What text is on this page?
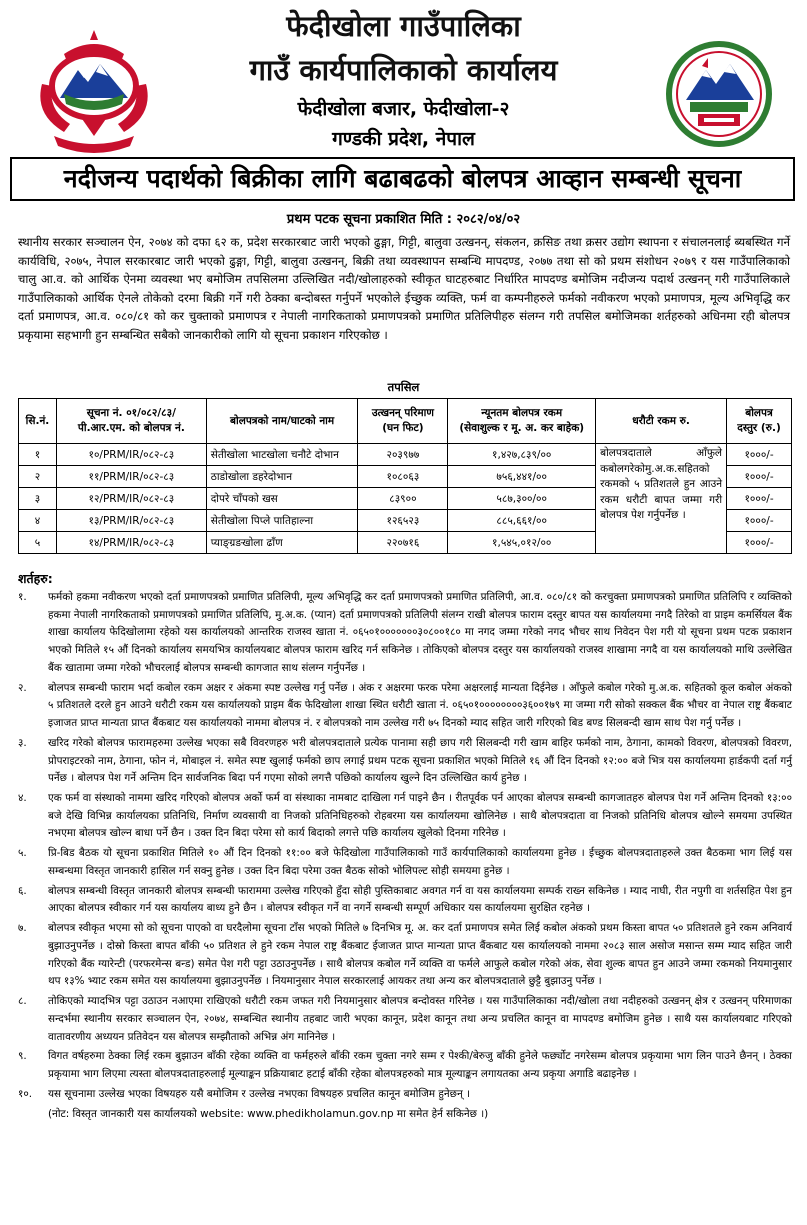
फेदीखोला गाउँपालिका
गाउँ कार्यपालिकाको कार्यालय
फेदीखोला बजार, फेदीखोला-२
गण्डकी प्रदेश, नेपाल
नदीजन्य पदार्थको बिक्रीका लागि बढाबढको बोलपत्र आव्हान सम्बन्धी सूचना
प्रथम पटक सूचना प्रकाशित मिति : २०८२/०४/०२
स्थानीय सरकार सञ्चालन ऐन, २०७४ को दफा ६२ क, प्रदेश सरकारबाट जारी भएको ढुङ्गा, गिट्टी, बालुवा उत्खनन्, संकलन, क्रसिङ तथा क्रसर उद्योग स्थापना र संचालनलाई ब्यबस्थित गर्ने कार्यविधि, २०७५, नेपाल सरकारबाट जारी भएको ढुङ्गा, गिट्टी, बालुवा उत्खनन्, बिक्री तथा व्यवस्थापन सम्बन्धि मापदण्ड, २०७७ तथा सो को प्रथम संशोधन २०७९ र यस गाउँपालिकाको चालु आ.व. को आर्थिक ऐनमा व्यवस्था भए बमोजिम तपसिलमा उल्लिखित नदी/खोलाहरुको स्वीकृत घाटहरुबाट निर्धारित मापदण्ड बमोजिम नदीजन्य पदार्थ उत्खनन् गरी गाउँपालिकाले गाउँपालिकाको आर्थिक ऐनले तोकेको दरमा बिक्री गर्ने गरी ठेक्का बन्दोबस्त गर्नुपर्ने भएकोले ईच्छुक व्यक्ति, फर्म वा कम्पनीहरुले फर्मको नवीकरण भएको प्रमाणपत्र, मूल्य अभिवृद्धि कर दर्ता प्रमाणपत्र, आ.व. ०८०/८१ को कर चुक्ताको प्रमाणपत्र र नेपाली नागरिकताको प्रमाणपत्रको प्रमाणित प्रतिलिपीहरु संलग्न गरी तपसिल बमोजिमका शर्तहरुको अधिनमा रही बोलपत्र प्रकृयामा सहभागी हुन सम्बन्धित सबैको जानकारीको लागि यो सूचना प्रकाशन गरिएकोछ ।
तपसिल
सि.नं.	सूचना नं. ०१/०८२/८३/
पी.आर.एम. को बोलपत्र नं.	बोलपत्रको नाम/घाटको नाम	उत्खनन् परिमाण
(घन फिट)	न्यूनतम बोलपत्र रकम
(सेवाशुल्क र मू. अ. कर बाहेक)	धरौटी रकम रु.	बोलपत्र
दस्तुर (रु.)
१	१०/PRM/IR/०८२-८३	सेतीखोला भाटखोला चनौटे दोभान	२०३९७७	१,४२७,८३९/००	बोलपत्रदाताले आँफुले कबोलगरेकोमु.अ.क.सहितको रकमको ५ प्रतिशतले हुन आउने रकम धरौटी बापत जम्मा गरी बोलपत्र पेश गर्नुपर्नेछ ।	१०००/-
२	११/PRM/IR/०८२-८३	ठाडोखोला डहरेदोभान	१०८०६३	७५६,४४१/००		१०००/-
३	१२/PRM/IR/०८२-८३	दोपरे चाँपको खस	८३९००	५८७,३००/००		१०००/-
४	१३/PRM/IR/०८२-८३	सेतीखोला पिप्ले पातिहाल्ना	१२६५२३	८८५,६६१/००		१०००/-
५	१४/PRM/IR/०८२-८३	प्याङ्ग्रङखोला ढाँण	२२०७१६	१,५४५,०१२/००		१०००/-
शर्तहरु:
१.	फर्मको हकमा नवीकरण भएको दर्ता प्रमाणपत्रको प्रमाणित प्रतिलिपी, मूल्य अभिवृद्धि कर दर्ता प्रमाणपत्रको प्रमाणित प्रतिलिपी, आ.व. ०८०/८१ को करचुक्ता प्रमाणपत्रको प्रमाणित प्रतिलिपि र व्यक्तिको हकमा नेपाली नागरिकताको प्रमाणपत्रको प्रमाणित प्रतिलिपि, मु.अ.क. (प्यान) दर्ता प्रमाणपत्रको प्रतिलिपी संलग्न राखी बोलपत्र फाराम दस्तुर बापत यस कार्यालयमा नगदै तिरेको वा प्राइम कमर्सियल बैंक शाखा कार्यालय फेदिखोलामा रहेको यस कार्यालयको आन्तरिक राजस्व खाता नं. ०६५०१०००००००३०८००१८० मा नगद जम्मा गरेको नगद भौचर साथ निवेदन पेश गरी यो सूचना प्रथम पटक प्रकाशन भएको मितिले १५ औं दिनको कार्यालय समयभित्र कार्यालयबाट बोलपत्र फाराम खरिद गर्न सकिनेछ । तोकिएको बोलपत्र दस्तुर यस कार्यालयको राजस्व शाखामा नगदै वा यस कार्यालयको माथि उल्लेखित बैंक खातामा जम्मा गरेको भौचरलाई बोलपत्र सम्बन्धी कागजात साथ संलग्न गर्नुपर्नेछ ।
२.	बोलपत्र सम्बन्धी फाराम भर्दा कबोल रकम अक्षर र अंकमा स्पष्ट उल्लेख गर्नु पर्नेछ । अंक र अक्षरमा फरक परेमा अक्षरलाई मान्यता दिईनेछ । आँफुले कबोल गरेको मु.अ.क. सहितको कूल कबोल अंकको ५ प्रतिशतले दरले हुन आउने धरौटी रकम यस कार्यालयको प्राइम बैंक फेदिखोला शाखा स्थित धरौटी खाता नं. ०६५०१००००००००३६००१७९ मा जम्मा गरी सोको सक्कल बैंक भौचर वा नेपाल राष्ट्र बैंकबाट इजाजत प्राप्त मान्यता प्राप्त बैंकबाट यस कार्यालयको नाममा बोलपत्र नं. र बोलपत्रको नाम उल्लेख गरी ७५ दिनको म्याद सहित जारी गरिएको बिड बण्ड सिलबन्दी खाम साथ पेश गर्नु पर्नेछ ।
३.	खरिद गरेको बोलपत्र फारामहरुमा उल्लेख भएका सबै विवरणहरु भरी बोलपत्रदाताले प्रत्येक पानामा सही छाप गरी सिलबन्दी गरी खाम बाहिर फर्मको नाम, ठेगाना, कामको विवरण, बोलपत्रको विवरण, प्रोपराइटरको नाम, ठेगाना, फोन नं, मोबाइल नं. समेत स्पष्ट खुलाई फर्मको छाप लगाई प्रथम पटक सूचना प्रकाशित भएको मितिले १६ औं दिन दिनको १२:०० बजे भित्र यस कार्यालयमा हार्डकपी दर्ता गर्नु पर्नेछ । बोलपत्र पेश गर्ने अन्तिम दिन सार्वजनिक बिदा पर्न गएमा सोको लगत्तै पछिको कार्यालय खुल्ने दिन उल्लिखित कार्य हुनेछ ।
४.	एक फर्म वा संस्थाको नाममा खरिद गरिएको बोलपत्र अर्को फर्म वा संस्थाका नामबाट दाखिला गर्न पाइने छैन । रीतपूर्वक पर्न आएका बोलपत्र सम्बन्धी कागजातहरु बोलपत्र पेश गर्ने अन्तिम दिनको १३:०० बजे देखि विभिन्न कार्यालयका प्रतिनिधि, निर्माण व्यवसायी वा निजको प्रतिनिधिहरुको रोहबरमा यस कार्यालयमा खोलिनेछ । साथै बोलपत्रदाता वा निजको प्रतिनिधि बोलपत्र खोल्ने समयमा उपस्थित नभएमा बोलपत्र खोल्न बाधा पर्ने छैन । उक्त दिन बिदा परेमा सो कार्य बिदाको लगत्ते पछि कार्यालय खुलेको दिनमा गरिनेछ ।
५.	प्रि-बिड बैठक यो सूचना प्रकाशित मितिले १० औं दिन दिनको ११:०० बजे फेदिखोला गाउँपालिकाको गाउँ कार्यपालिकाको कार्यालयमा हुनेछ । ईच्छुक बोलपत्रदाताहरुले उक्त बैठकमा भाग लिई यस सम्बन्धमा विस्तृत जानकारी हासिल गर्न सक्नु हुनेछ । उक्त दिन बिदा परेमा उक्त बैठक सोको भोलिपल्ट सोही समयमा हुनेछ ।
६.	बोलपत्र सम्बन्धी विस्तृत जानकारी बोलपत्र सम्बन्धी फाराममा उल्लेख गरिएको हुँदा सोही पुस्तिकाबाट अवगत गर्न वा यस कार्यालयमा सम्पर्क राख्न सकिनेछ । म्याद नाघी, रीत नपुगी वा शर्तसहित पेश हुन आएका बोलपत्र स्वीकार गर्न यस कार्यालय बाध्य हुने छैन । बोलपत्र स्वीकृत गर्ने वा नगर्ने सम्बन्धी सम्पूर्ण अधिकार यस कार्यालयमा सुरक्षित रहनेछ ।
७.	बोलपत्र स्वीकृत भएमा सो को सूचना पाएको वा घरदैलोमा सूचना टाँस भएको मितिले ७ दिनभित्र मू. अ. कर दर्ता प्रमाणपत्र समेत लिई कबोल अंकको प्रथम किस्ता बापत ५० प्रतिशतले हुने रकम अनिवार्य बुझाउनुपर्नेछ । दोस्रो किस्ता बापत बाँकी ५० प्रतिशत ले हुने रकम नेपाल राष्ट्र बैंकबाट ईजाजत प्राप्त मान्यता प्राप्त बैंकबाट यस कार्यालयको नाममा २०८३ साल असोज मसान्त सम्म म्याद सहित जारी गरिएको बैंक ग्यारेन्टी (परफरमेन्स बन्ड) समेत पेश गरी पट्टा उठाउनुपर्नेछ । साथै बोलपत्र कबोल गर्ने व्यक्ति वा फर्मले आफुले कबोल गरेको अंक, सेवा शुल्क बापत हुन आउने जम्मा रकमको नियमानुसार थप १३% भ्याट रकम समेत यस कार्यालयमा बुझाउनुपर्नेछ । नियमानुसार नेपाल सरकारलाई आयकर तथा अन्य कर बोलपत्रदाताले छुट्टै बुझाउनु पर्नेछ ।
८.	तोकिएको म्यादभित्र पट्टा उठाउन नआएमा राखिएको धरौटी रकम जफत गरी नियमानुसार बोलपत्र बन्दोवस्त गरिनेछ । यस गाउँपालिकाका नदी/खोला तथा नदीहरुको उत्खनन् क्षेत्र र उत्खनन् परिमाणका सन्दर्भमा स्थानीय सरकार सञ्चालन ऐन, २०७४, सम्बन्धित स्थानीय तहबाट जारी भएका कानून, प्रदेश कानून तथा अन्य प्रचलित कानून वा मापदण्ड बमोजिम हुनेछ । साथै यस कार्यालयबाट गरिएको वातावरणीय अध्ययन प्रतिवेदन यस बोलपत्र सम्झौताको अभिन्न अंग मानिनेछ ।
९.	विगत वर्षहरुमा ठेक्का लिई रकम बुझाउन बाँकी रहेका व्यक्ति वा फर्महरुले बाँकी रकम चुक्ता नगरे सम्म र पेश्की/बेरुजु बाँकी हुनेले फर्छ्योट नगरेसम्म बोलपत्र प्रकृयामा भाग लिन पाउने छैनन् । ठेक्का प्रकृयामा भाग लिएमा त्यस्ता बोलपत्रदाताहरुलाई मूल्याङ्कन प्रक्रियाबाट हटाई बाँकी रहेका बोलपत्रहरुको मात्र मूल्याङ्कन लगायतका अन्य प्रकृया अगाडि बढाइनेछ ।
१०.	यस सूचनामा उल्लेख भएका विषयहरु यसै बमोजिम र उल्लेख नभएका विषयहरु प्रचलित कानून बमोजिम हुनेछन् ।
(नोट: विस्तृत जानकारी यस कार्यालयको website: www.phedikholamun.gov.np मा समेत हेर्न सकिनेछ ।)
